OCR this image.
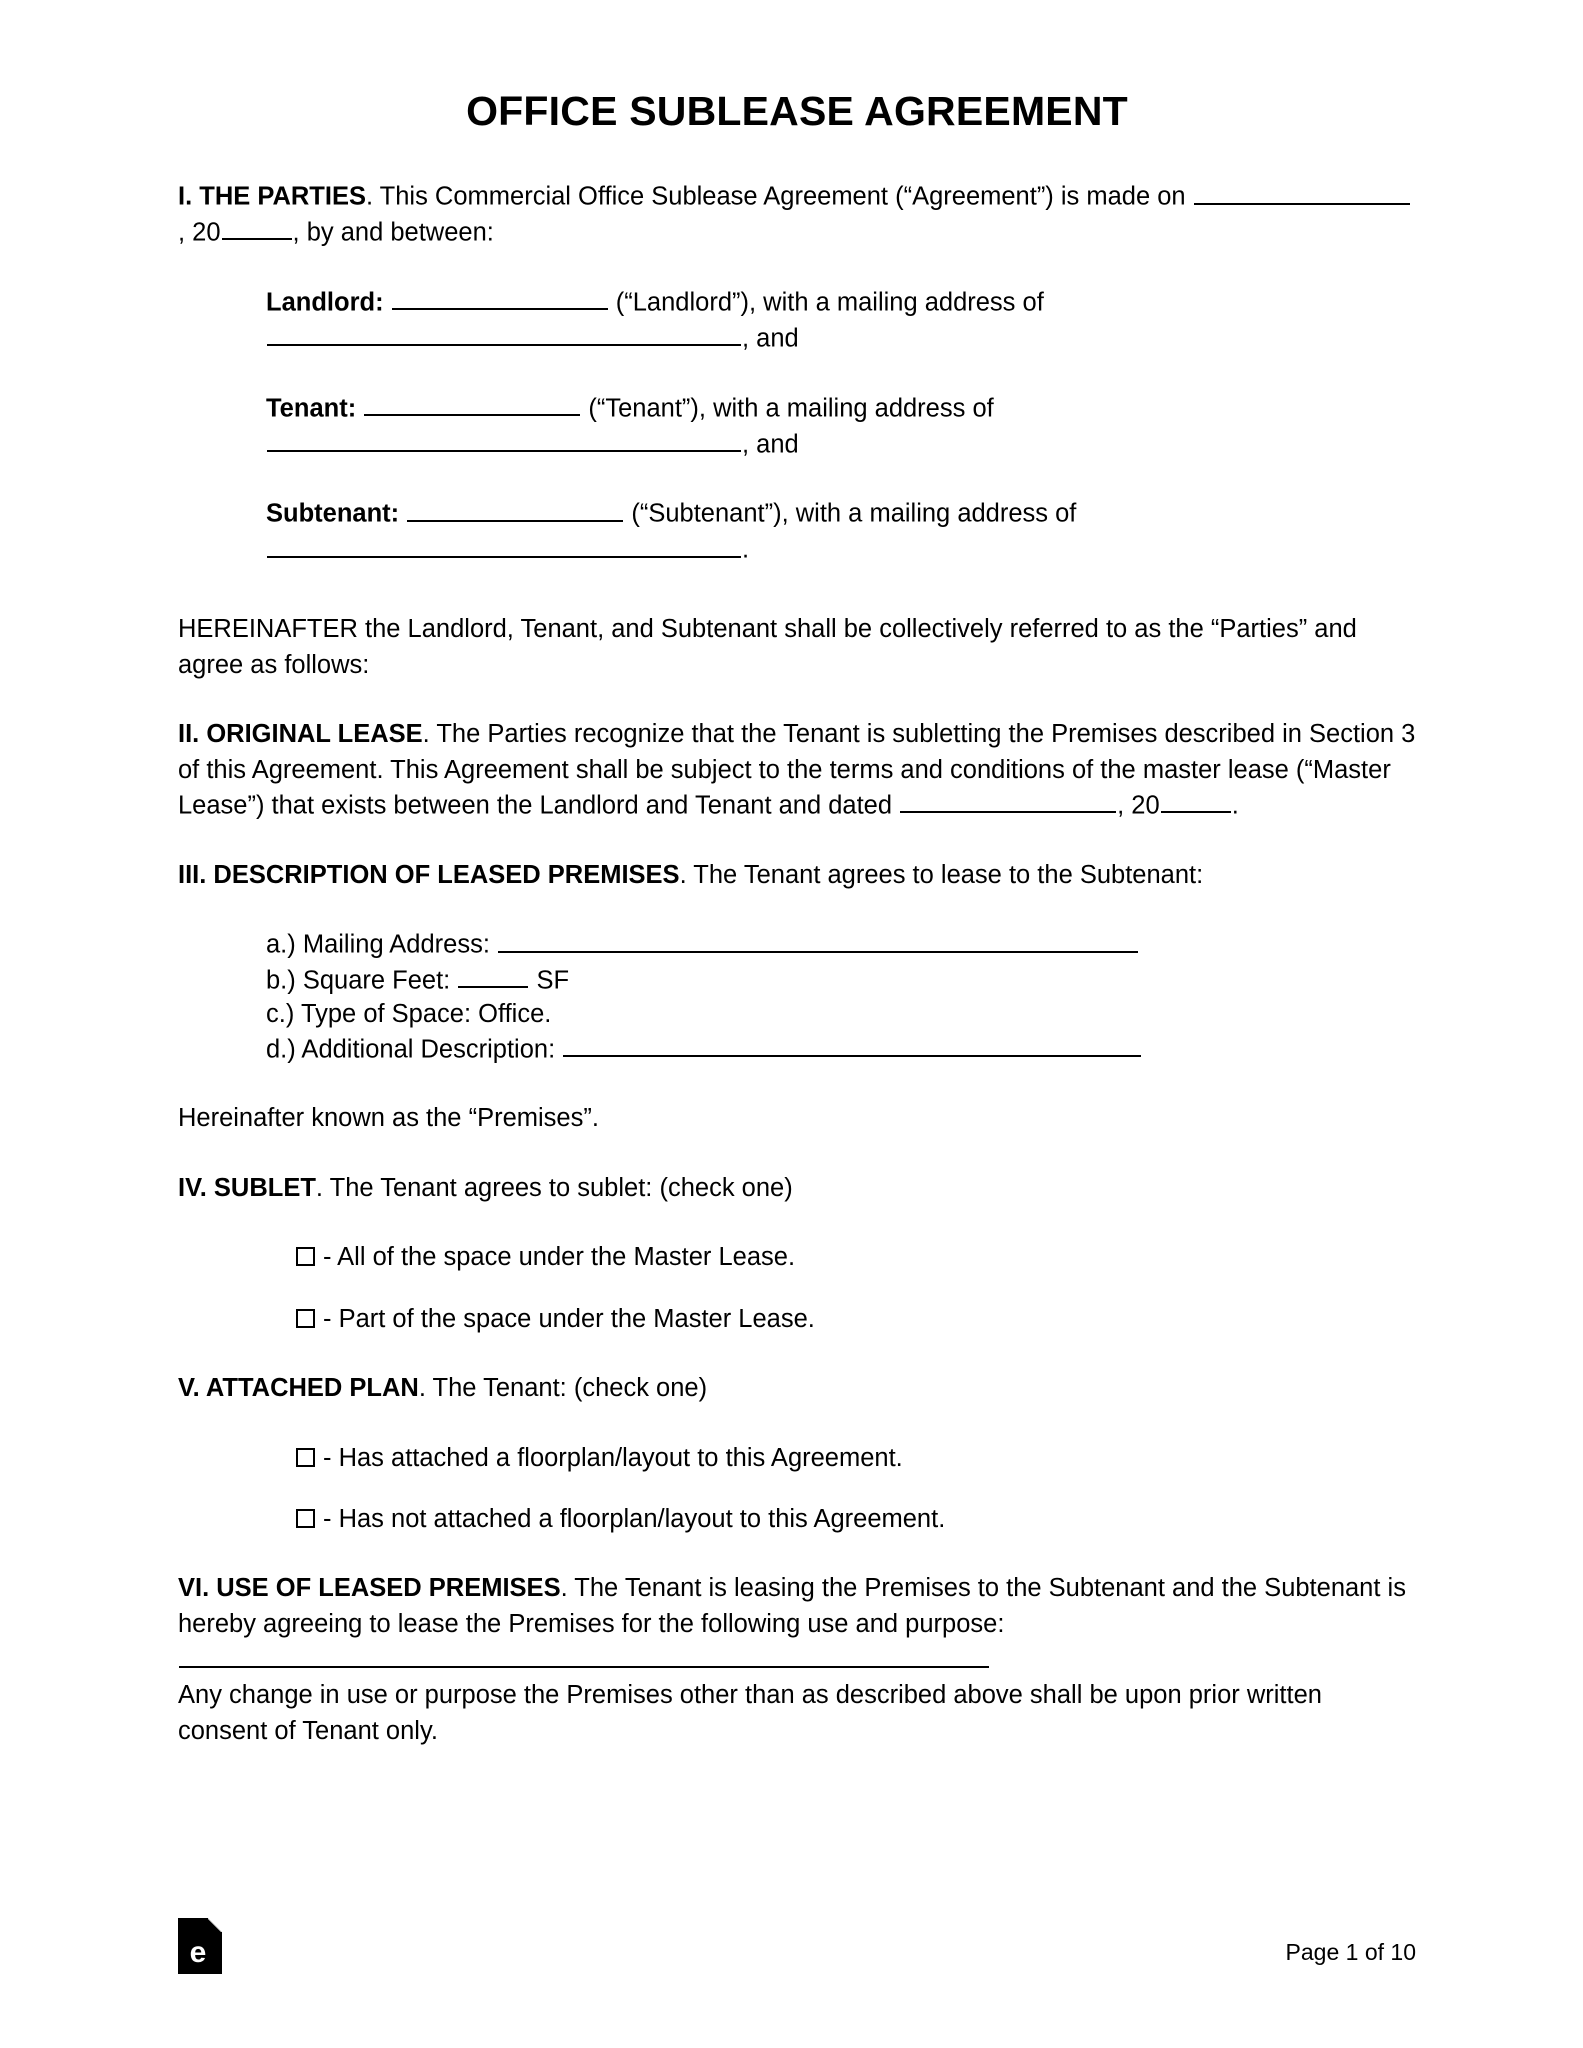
OFFICE SUBLEASE AGREEMENT

I. THE PARTIES. This Commercial Office Sublease Agreement (“Agreement”) is made on , 20	, by and between:

Landlord:	(“Landlord”), with a mailing address of
, and
Tenant:	(“Tenant”), with a mailing address of
, and
Subtenant:	(“Subtenant”), with a mailing address of
.

HEREINAFTER the Landlord, Tenant, and Subtenant shall be collectively referred to as the “Parties” and agree as follows:

II. ORIGINAL LEASE. The Parties recognize that the Tenant is subletting the Premises described in Section 3 of this Agreement. This Agreement shall be subject to the terms and conditions of the master lease (“Master Lease”) that exists between the Landlord and Tenant and dated	, 20	.

III. DESCRIPTION OF LEASED PREMISES. The Tenant agrees to lease to the Subtenant:

a.) Mailing Address:
b.) Square Feet:	SF
c.) Type of Space: Office.
d.) Additional Description:

Hereinafter known as the “Premises”.

IV. SUBLET. The Tenant agrees to sublet: (check one)

- All of the space under the Master Lease.
- Part of the space under the Master Lease.

V. ATTACHED PLAN. The Tenant: (check one)

- Has attached a floorplan/layout to this Agreement.
- Has not attached a floorplan/layout to this Agreement.

VI. USE OF LEASED PREMISES. The Tenant is leasing the Premises to the Subtenant and the Subtenant is hereby agreeing to lease the Premises for the following use and purpose:

Any change in use or purpose the Premises other than as described above shall be upon prior written consent of Tenant only.

e	Page 1 of 10
